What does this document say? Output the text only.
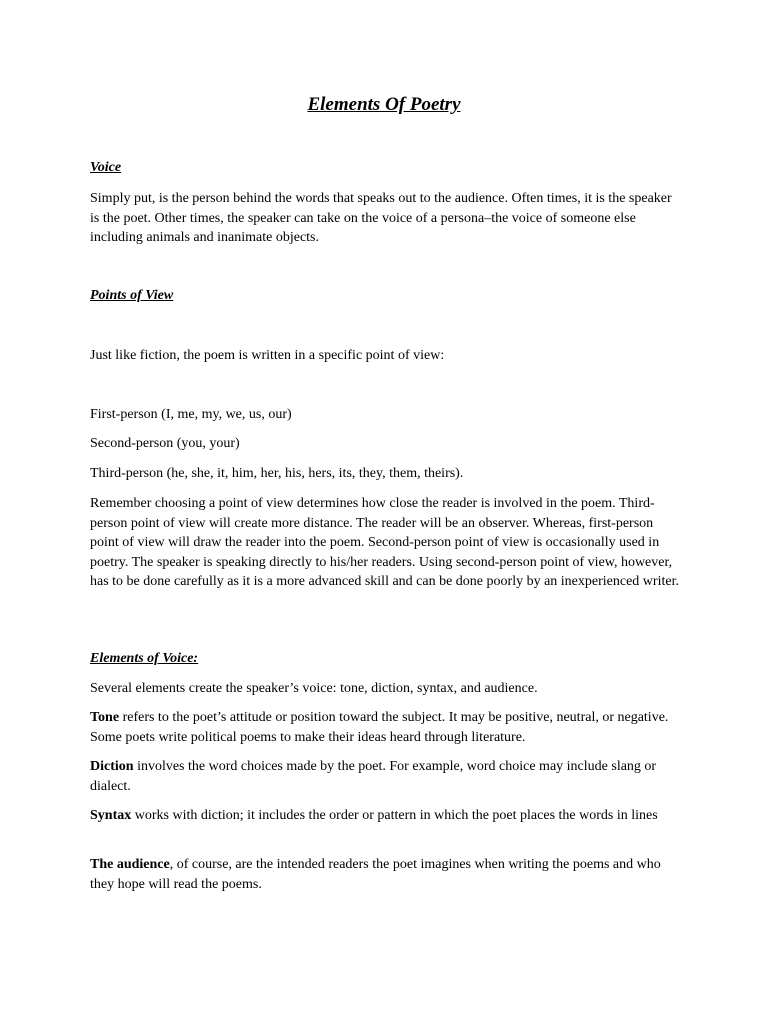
Elements Of Poetry
Voice

Simply put, is the person behind the words that speaks out to the audience. Often times, it is the speaker is the poet. Other times, the speaker can take on the voice of a persona–the voice of someone else including animals and inanimate objects.

Points of View

Just like fiction, the poem is written in a specific point of view:

First-person (I, me, my, we, us, our)

Second-person (you, your)

Third-person (he, she, it, him, her, his, hers, its, they, them, theirs).

Remember choosing a point of view determines how close the reader is involved in the poem. Third-person point of view will create more distance. The reader will be an observer. Whereas, first-person point of view will draw the reader into the poem. Second-person point of view is occasionally used in poetry. The speaker is speaking directly to his/her readers. Using second-person point of view, however, has to be done carefully as it is a more advanced skill and can be done poorly by an inexperienced writer.

Elements of Voice:

Several elements create the speaker’s voice: tone, diction, syntax, and audience.

Tone refers to the poet’s attitude or position toward the subject. It may be positive, neutral, or negative. Some poets write political poems to make their ideas heard through literature.

Diction involves the word choices made by the poet. For example, word choice may include slang or dialect.

Syntax works with diction; it includes the order or pattern in which the poet places the words in lines

The audience, of course, are the intended readers the poet imagines when writing the poems and who they hope will read the poems.
